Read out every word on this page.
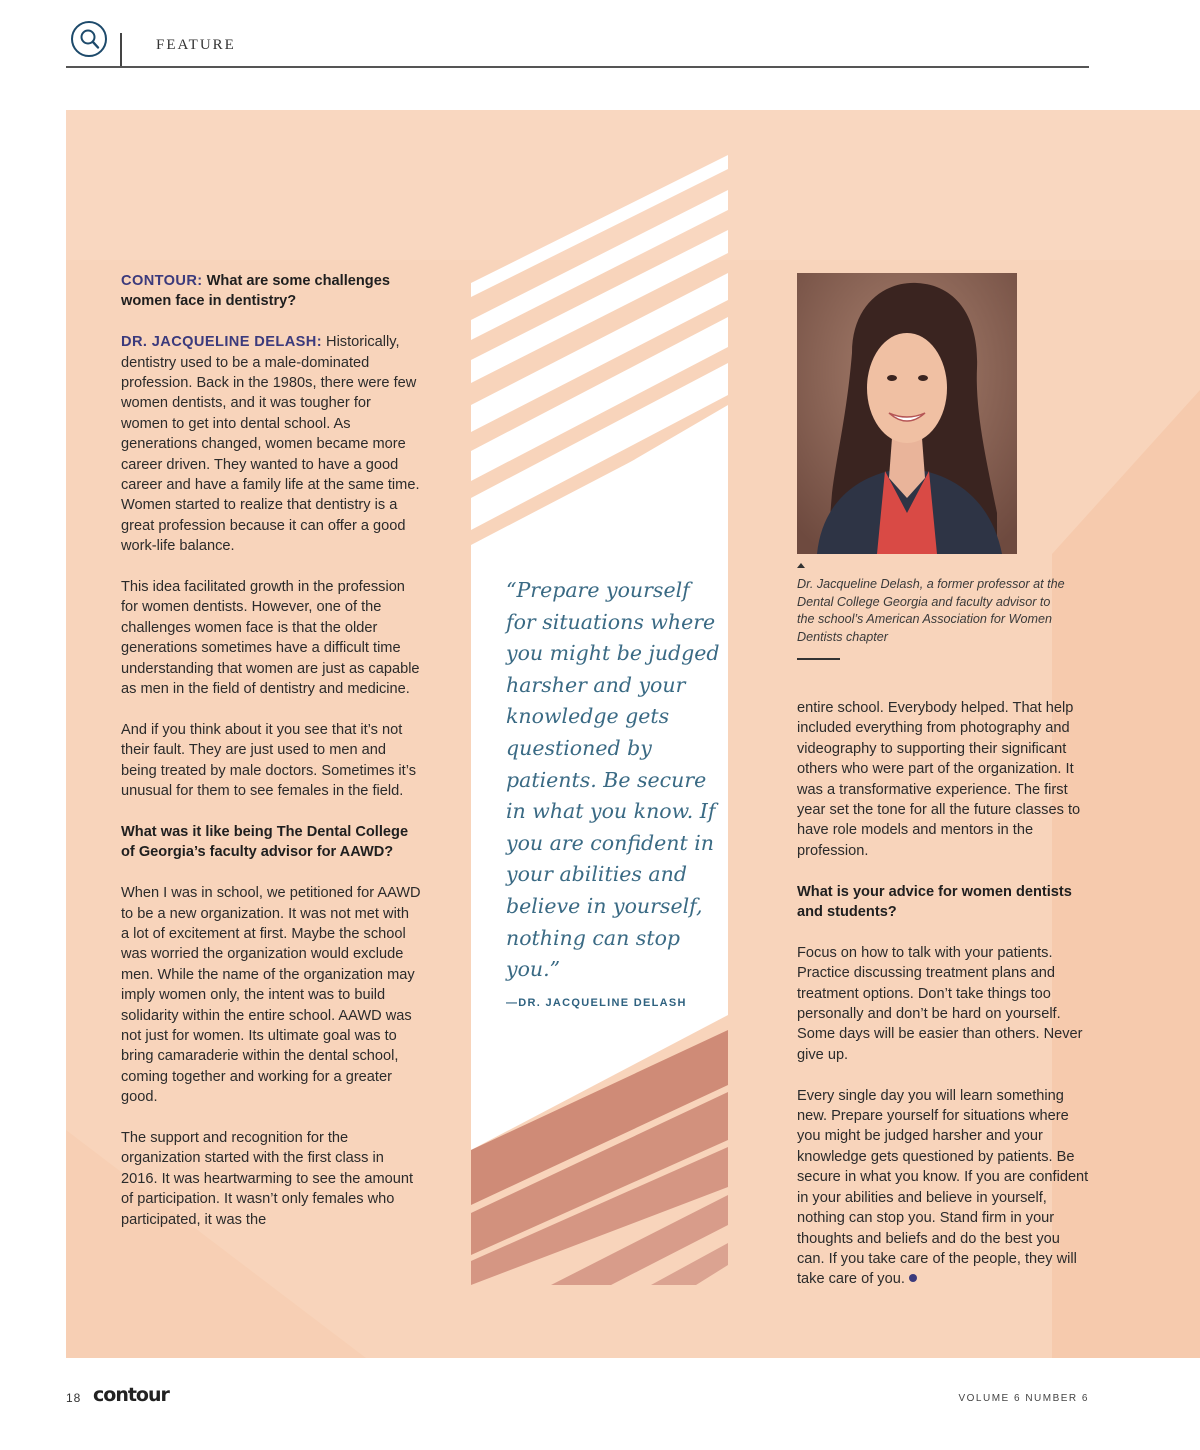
FEATURE

CONTOUR: What are some challenges women face in dentistry?

DR. JACQUELINE DELASH: Historically, dentistry used to be a male-dominated profession. Back in the 1980s, there were few women dentists, and it was tougher for women to get into dental school. As generations changed, women became more career driven. They wanted to have a good career and have a family life at the same time. Women started to realize that dentistry is a great profession because it can offer a good work-life balance.

This idea facilitated growth in the profession for women dentists. However, one of the challenges women face is that the older generations sometimes have a difficult time understanding that women are just as capable as men in the field of dentistry and medicine.

And if you think about it you see that it’s not their fault. They are just used to men and being treated by male doctors. Sometimes it’s unusual for them to see females in the field.

What was it like being The Dental College of Georgia’s faculty advisor for AAWD?

When I was in school, we petitioned for AAWD to be a new organization. It was not met with a lot of excitement at first. Maybe the school was worried the organization would exclude men. While the name of the organization may imply women only, the intent was to build solidarity within the entire school. AAWD was not just for women. Its ultimate goal was to bring camaraderie within the dental school, coming together and working for a greater good.

The support and recognition for the organization started with the first class in 2016. It was heartwarming to see the amount of participation. It wasn’t only females who participated, it was the

“Prepare yourself for situations where you might be judged harsher and your knowledge gets questioned by patients. Be secure in what you know. If you are confident in your abilities and believe in yourself, nothing can stop you.”
—DR. JACQUELINE DELASH
Dr. Jacqueline Delash, a former professor at the Dental College Georgia and faculty advisor to the school’s American Association for Women Dentists chapter

entire school. Everybody helped. That help included everything from photography and videography to supporting their significant others who were part of the organization. It was a transformative experience. The first year set the tone for all the future classes to have role models and mentors in the profession.

What is your advice for women dentists and students?

Focus on how to talk with your patients. Practice discussing treatment plans and treatment options. Don’t take things too personally and don’t be hard on yourself. Some days will be easier than others. Never give up.

Every single day you will learn something new. Prepare yourself for situations where you might be judged harsher and your knowledge gets questioned by patients. Be secure in what you know. If you are confident in your abilities and believe in yourself, nothing can stop you. Stand firm in your thoughts and beliefs and do the best you can. If you take care of the people, they will take care of you.

18 contour	VOLUME 6 NUMBER 6
